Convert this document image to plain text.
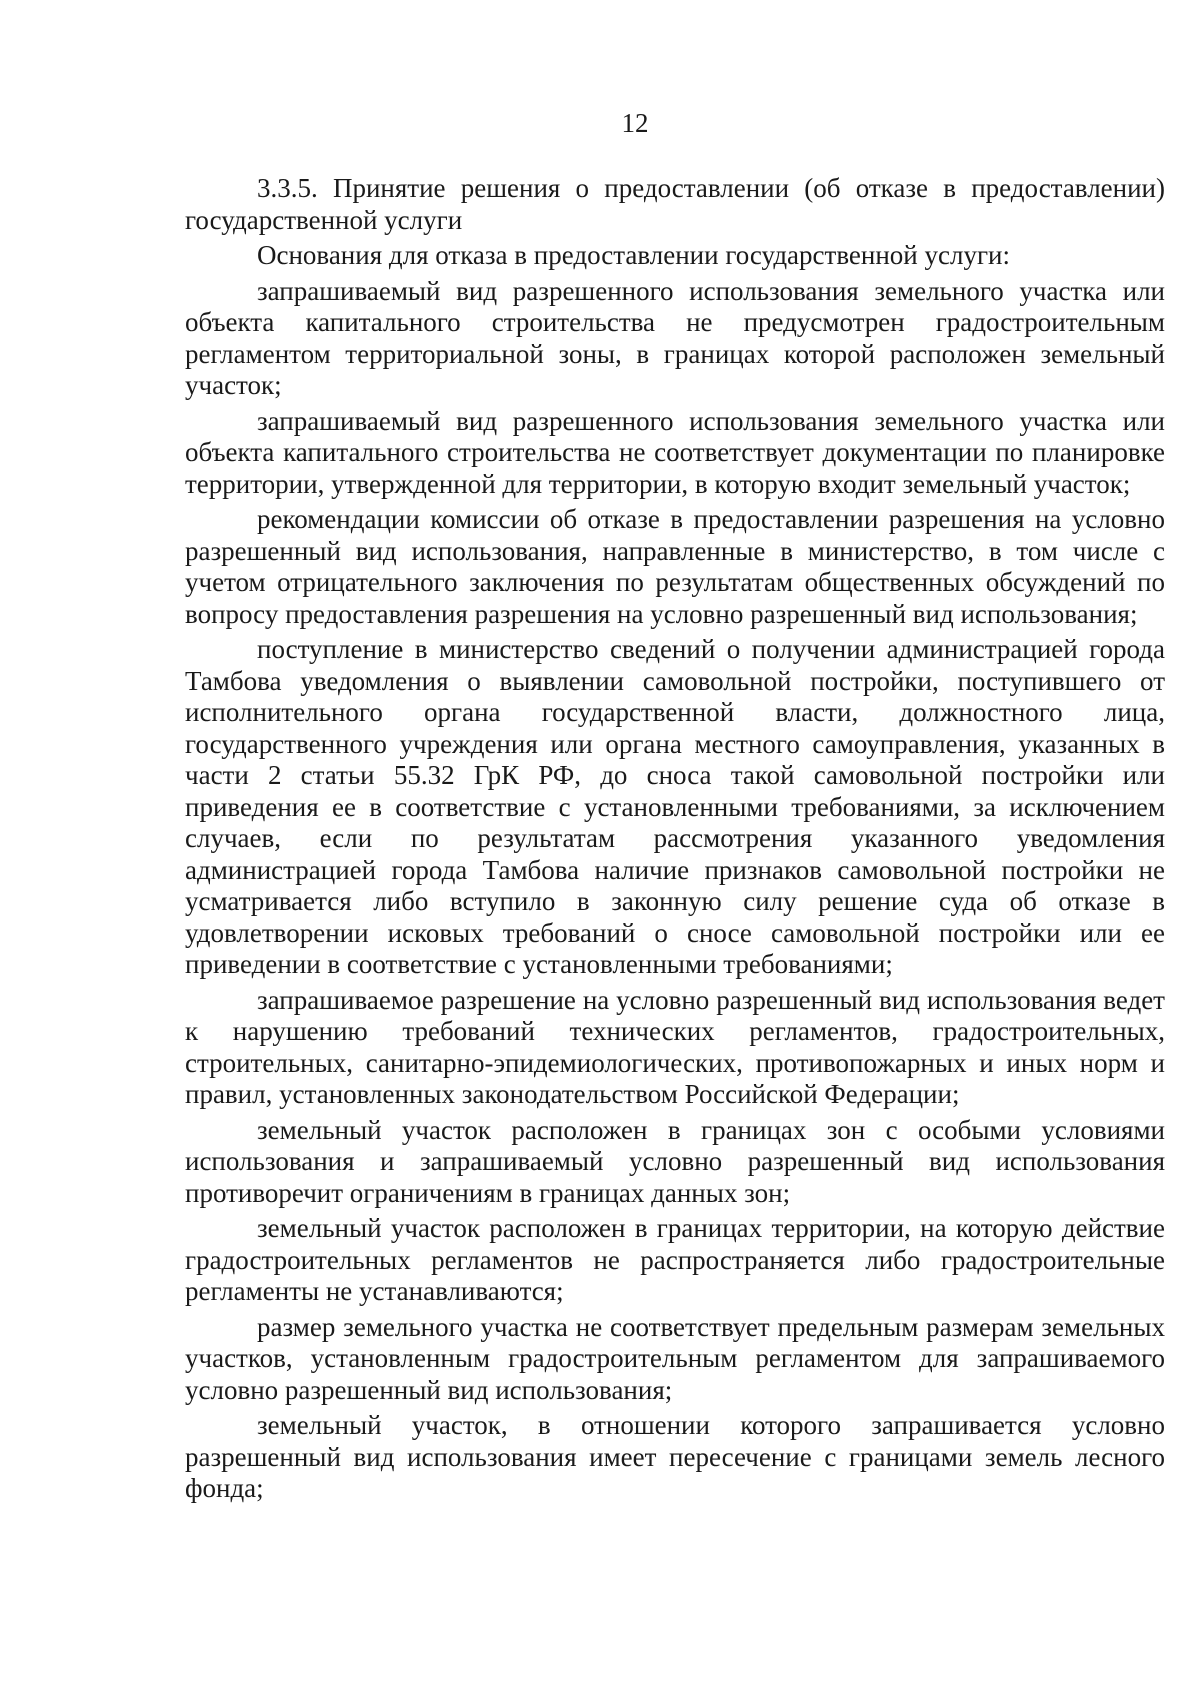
12

3.3.5. Принятие решения о предоставлении (об отказе в предоставлении) государственной услуги

Основания для отказа в предоставлении государственной услуги:

запрашиваемый вид разрешенного использования земельного участка или объекта капитального строительства не предусмотрен градостроительным регламентом территориальной зоны, в границах которой расположен земельный участок;

запрашиваемый вид разрешенного использования земельного участка или объекта капитального строительства не соответствует документации по планировке территории, утвержденной для территории, в которую входит земельный участок;

рекомендации комиссии об отказе в предоставлении разрешения на условно разрешенный вид использования, направленные в министерство, в том числе с учетом отрицательного заключения по результатам общественных обсуждений по вопросу предоставления разрешения на условно разрешенный вид использования;

поступление в министерство сведений о получении администрацией города Тамбова уведомления о выявлении самовольной постройки, поступившего от исполнительного органа государственной власти, должностного лица, государственного учреждения или органа местного самоуправления, указанных в части 2 статьи 55.32 ГрК РФ, до сноса такой самовольной постройки или приведения ее в соответствие с установленными требованиями, за исключением случаев, если по результатам рассмотрения указанного уведомления администрацией города Тамбова наличие признаков самовольной постройки не усматривается либо вступило в законную силу решение суда об отказе в удовлетворении исковых требований о сносе самовольной постройки или ее приведении в соответствие с установленными требованиями;

запрашиваемое разрешение на условно разрешенный вид использования ведет к нарушению требований технических регламентов, градостроительных, строительных, санитарно-эпидемиологических, противопожарных и иных норм и правил, установленных законодательством Российской Федерации;

земельный участок расположен в границах зон с особыми условиями использования и запрашиваемый условно разрешенный вид использования противоречит ограничениям в границах данных зон;

земельный участок расположен в границах территории, на которую действие градостроительных регламентов не распространяется либо градостроительные регламенты не устанавливаются;

размер земельного участка не соответствует предельным размерам земельных участков, установленным градостроительным регламентом для запрашиваемого условно разрешенный вид использования;

земельный участок, в отношении которого запрашивается условно разрешенный вид использования имеет пересечение с границами земель лесного фонда;
